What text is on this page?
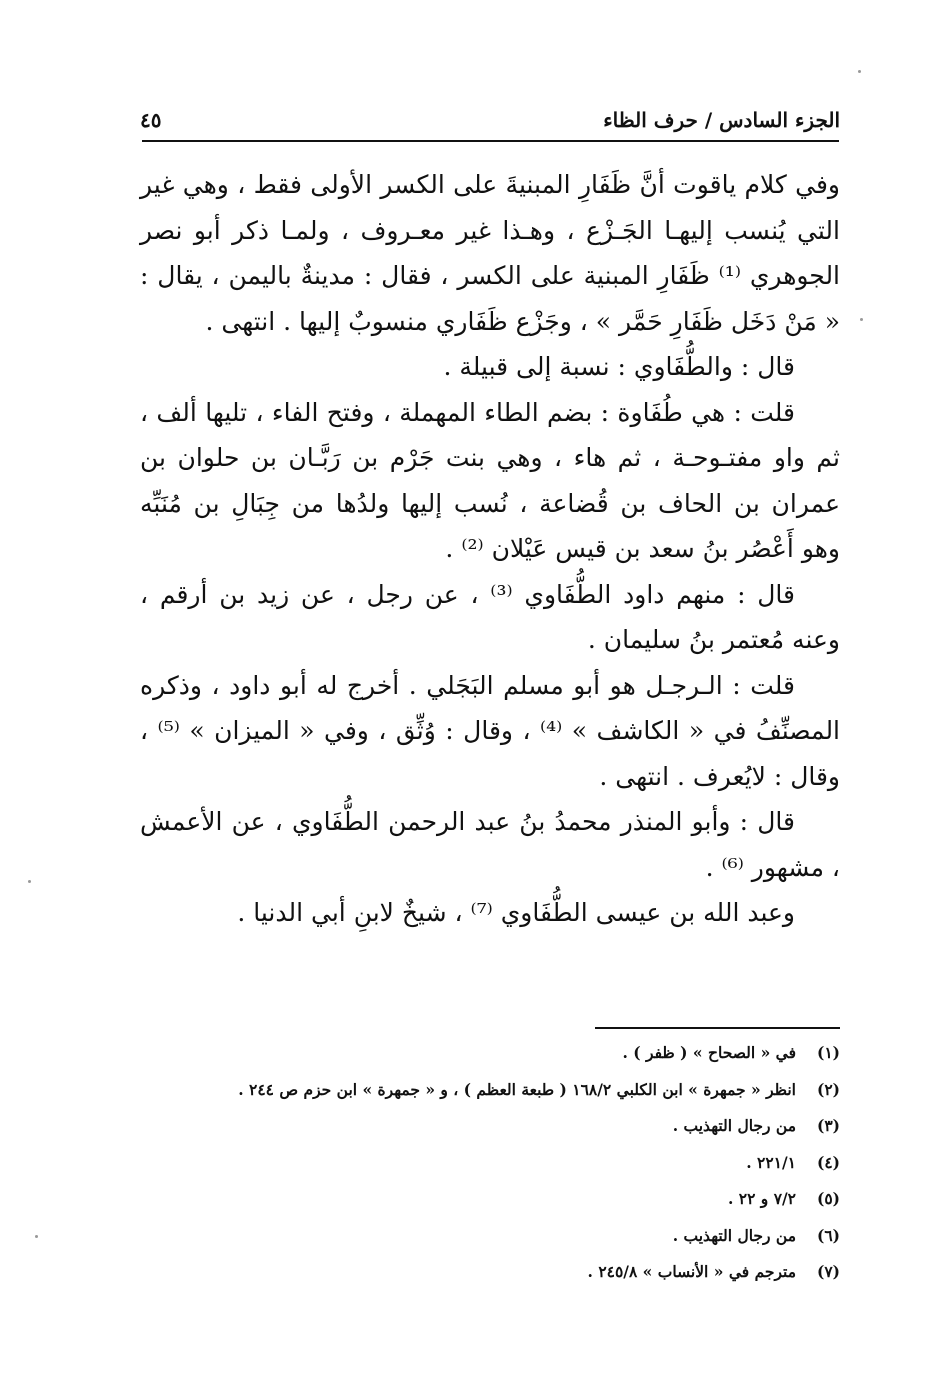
الجزء السادس / حرف الظاء
٤٥

وفي كلام ياقوت أنَّ ظَفَارِ المبنيةَ على الكسر الأولى فقط ، وهي غير التي يُنسب إليهـا الجَـزْع ، وهـذا غير معـروف ، ولمـا ذكر أبو نصر الجوهري ⁽¹⁾ ظَفَارِ المبنية على الكسر ، فقال : مدينةٌ باليمن ، يقال : « مَنْ دَخَل ظَفَارِ حَمَّر » ، وجَزْع ظَفَاري منسوبٌ إليها . انتهى .

قال : والطُّفَاوي : نسبة إلى قبيلة .

قلت : هي طُفَاوة : بضم الطاء المهملة ، وفتح الفاء ، تليها ألف ، ثم واو مفتـوحـة ، ثم هاء ، وهي بنت جَرْم بن رَبَّـان بن حلوان بن عمران بن الحاف بن قُضاعة ، نُسب إليها ولدُها من جِبَالِ بن مُنَبِّه وهو أَعْصُر بنُ سعد بن قيس عَيْلان ⁽²⁾ .

قال : منهم داود الطُّفَاوي ⁽³⁾ ، عن رجل ، عن زيد بن أرقم ، وعنه مُعتمر بنُ سليمان .

قلت : الـرجـل هو أبو مسلم البَجَلي . أخرج له أبو داود ، وذكره المصنِّفُ في « الكاشف » ⁽⁴⁾ ، وقال : وُثِّق ، وفي « الميزان » ⁽⁵⁾ ، وقال : لايُعرف . انتهى .

قال : وأبو المنذر محمدُ بنُ عبد الرحمن الطُّفَاوي ، عن الأعمش ، مشهور ⁽⁶⁾ .

وعبد الله بن عيسى الطُّفَاوي ⁽⁷⁾ ، شيخٌ لابنِ أبي الدنيا .

(١)
في « الصحاح » ( ظفر ) .
(٢)
انظر « جمهرة » ابن الكلبي ١٦٨/٢ ( طبعة العظم ) ، و « جمهرة » ابن حزم ص ٢٤٤ .
(٣)
من رجال التهذيب .
(٤)
٢٢١/١ .
(٥)
٧/٢ و ٢٢ .
(٦)
من رجال التهذيب .
(٧)
مترجم في « الأنساب » ٢٤٥/٨ .
